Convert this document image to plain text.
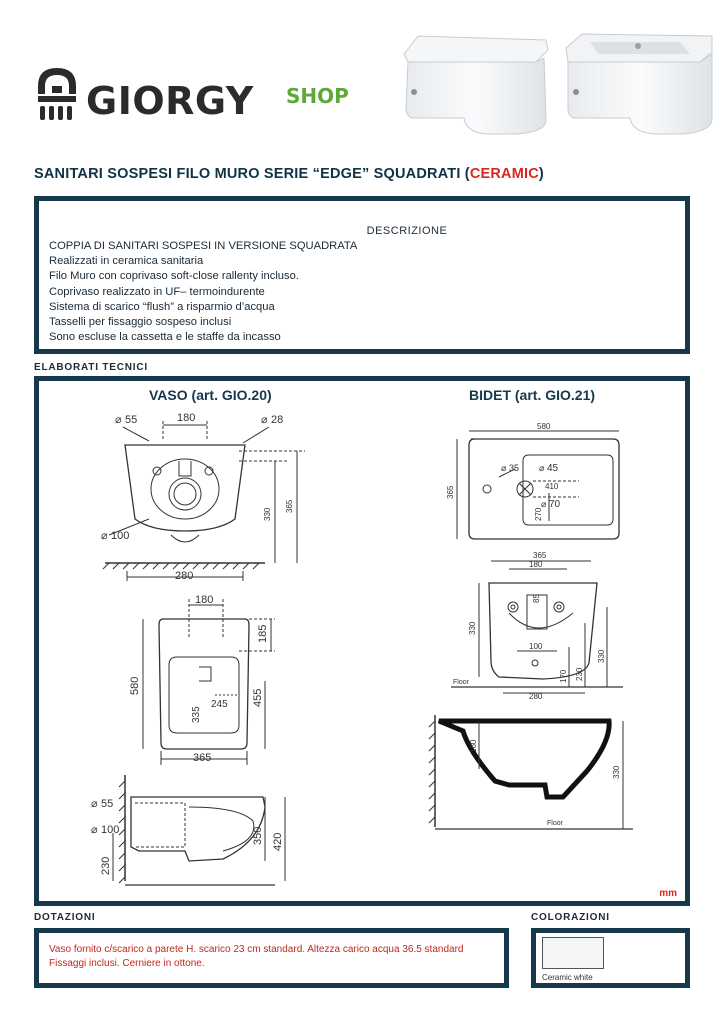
GIORGY SHOP
SANITARI SOSPESI FILO MURO SERIE “EDGE” SQUADRATI (CERAMIC)
DESCRIZIONE
COPPIA DI SANITARI SOSPESI IN VERSIONE SQUADRATA
Realizzati in ceramica sanitaria
Filo Muro con coprivaso soft-close rallenty incluso.
Coprivaso realizzato in UF– termoindurente
Sistema di scarico “flush” a risparmio d’acqua
Tasselli per fissaggio sospeso inclusi
Sono escluse la cassetta e le staffe da incasso
ELABORATI TECNICI
VASO (art. GIO.20)	BIDET (art. GIO.21)
55	180	28
330
365
100
280
180
185
580
245
335
455
365
55
100	350 420
230
⌀	⌀
⌀
⌀
⌀
580
365
35	45
410
70
270
365
180
85
330
100
230
170
330
280
Floor
160
330
Floor
⌀	⌀
⌀
mm
DOTAZIONI
Vaso fornito c/scarico a parete H. scarico 23 cm standard. Altezza carico acqua 36.5 standard
Fissaggi inclusi. Cerniere in ottone.
COLORAZIONI
Ceramic white
